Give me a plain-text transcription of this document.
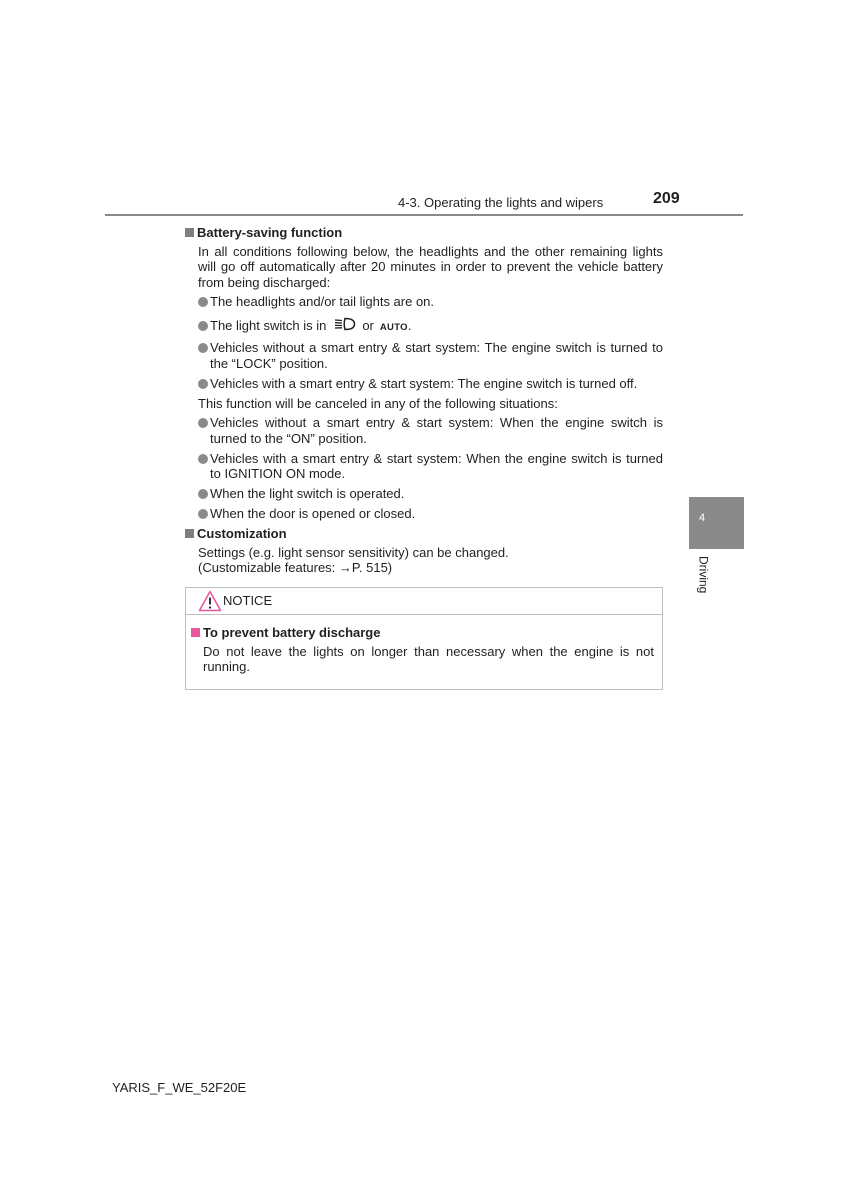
4-3. Operating the lights and wipers	209
4
Driving
Battery-saving function

In all conditions following below, the headlights and the other remaining lights will go off automatically after 20 minutes in order to prevent the vehicle battery from being discharged:

The headlights and/or tail lights are on.
The light switch is in	or AUTO.
Vehicles without a smart entry & start system: The engine switch is turned to the “LOCK” position.
Vehicles with a smart entry & start system: The engine switch is turned off.

This function will be canceled in any of the following situations:

Vehicles without a smart entry & start system: When the engine switch is turned to the “ON” position.
Vehicles with a smart entry & start system: When the engine switch is turned to IGNITION ON mode.
When the light switch is operated.
When the door is opened or closed.
Customization

Settings (e.g. light sensor sensitivity) can be changed.

(Customizable features: →P. 515)

NOTICE
To prevent battery discharge

Do not leave the lights on longer than necessary when the engine is not running.

YARIS_F_WE_52F20E
